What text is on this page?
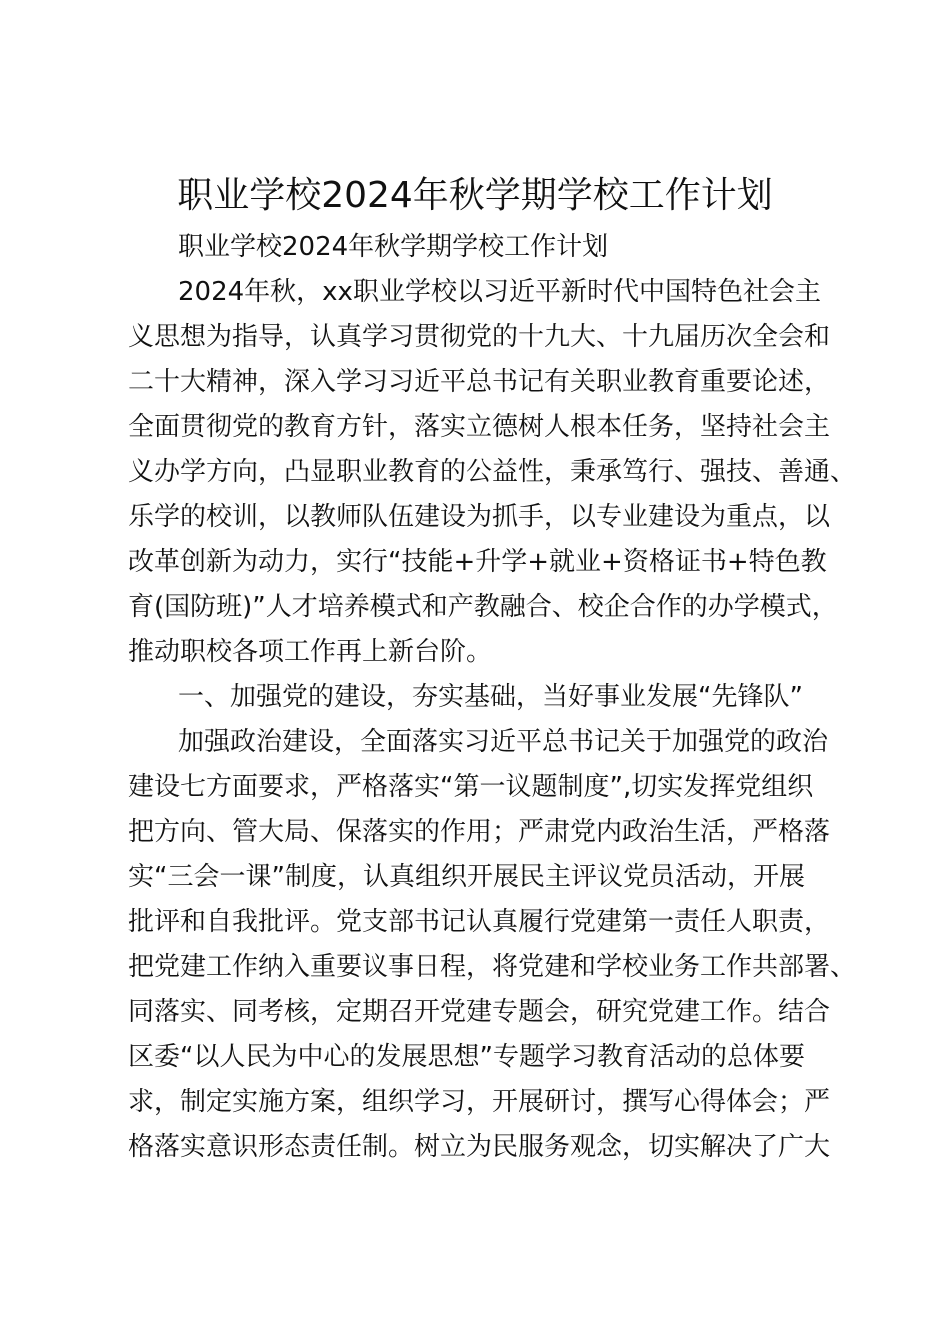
职业学校2024年秋学期学校工作计划
职业学校2024年秋学期学校工作计划
2024年秋，xx职业学校以习近平新时代中国特色社会主
义思想为指导，认真学习贯彻党的十九大、十九届历次全会和
二十大精神，深入学习习近平总书记有关职业教育重要论述，
全面贯彻党的教育方针，落实立德树人根本任务，坚持社会主
义办学方向，凸显职业教育的公益性，秉承笃行、强技、善通、
乐学的校训，以教师队伍建设为抓手，以专业建设为重点，以
改革创新为动力，实行“技能+升学+就业+资格证书+特色教
育(国防班)”人才培养模式和产教融合、校企合作的办学模式，
推动职校各项工作再上新台阶。
一、加强党的建设，夯实基础，当好事业发展“先锋队”
加强政治建设，全面落实习近平总书记关于加强党的政治
建设七方面要求，严格落实“第一议题制度”,切实发挥党组织
把方向、管大局、保落实的作用；严肃党内政治生活，严格落
实“三会一课”制度，认真组织开展民主评议党员活动，开展
批评和自我批评。党支部书记认真履行党建第一责任人职责，
把党建工作纳入重要议事日程，将党建和学校业务工作共部署、
同落实、同考核，定期召开党建专题会，研究党建工作。结合
区委“以人民为中心的发展思想”专题学习教育活动的总体要
求，制定实施方案，组织学习，开展研讨，撰写心得体会；严
格落实意识形态责任制。树立为民服务观念，切实解决了广大
